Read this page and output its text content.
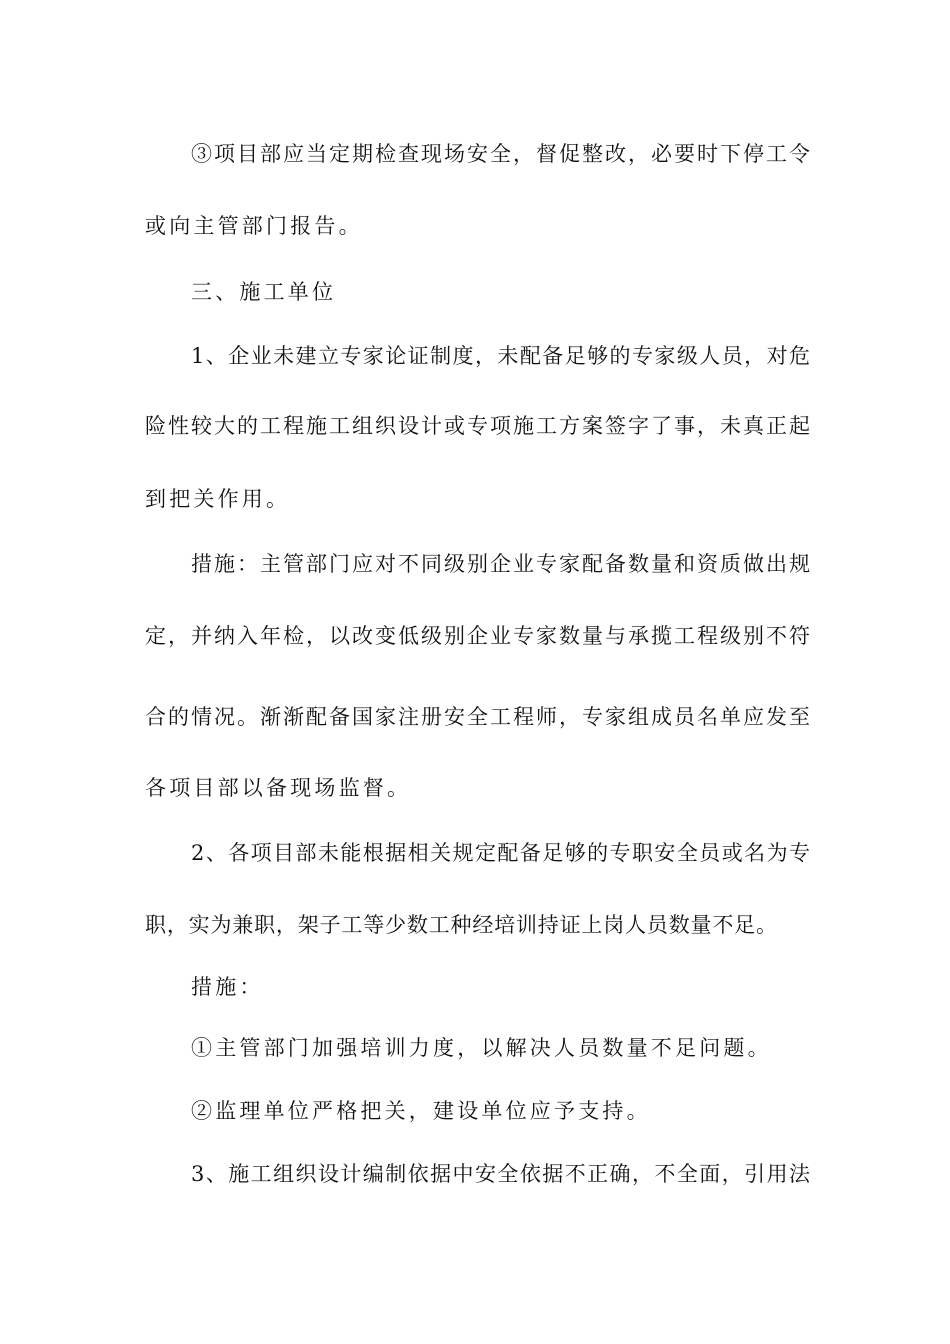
③项目部应当定期检查现场安全，督促整改，必要时下停工令
或向主管部门报告。
三、施工单位
1、企业未建立专家论证制度，未配备足够的专家级人员，对危
险性较大的工程施工组织设计或专项施工方案签字了事，未真正起
到把关作用。
措施：主管部门应对不同级别企业专家配备数量和资质做出规
定，并纳入年检，以改变低级别企业专家数量与承揽工程级别不符
合的情况。渐渐配备国家注册安全工程师，专家组成员名单应发至
各项目部以备现场监督。
2、各项目部未能根据相关规定配备足够的专职安全员或名为专
职，实为兼职，架子工等少数工种经培训持证上岗人员数量不足。
措施：
①主管部门加强培训力度，以解决人员数量不足问题。
②监理单位严格把关，建设单位应予支持。
3、施工组织设计编制依据中安全依据不正确，不全面，引用法
